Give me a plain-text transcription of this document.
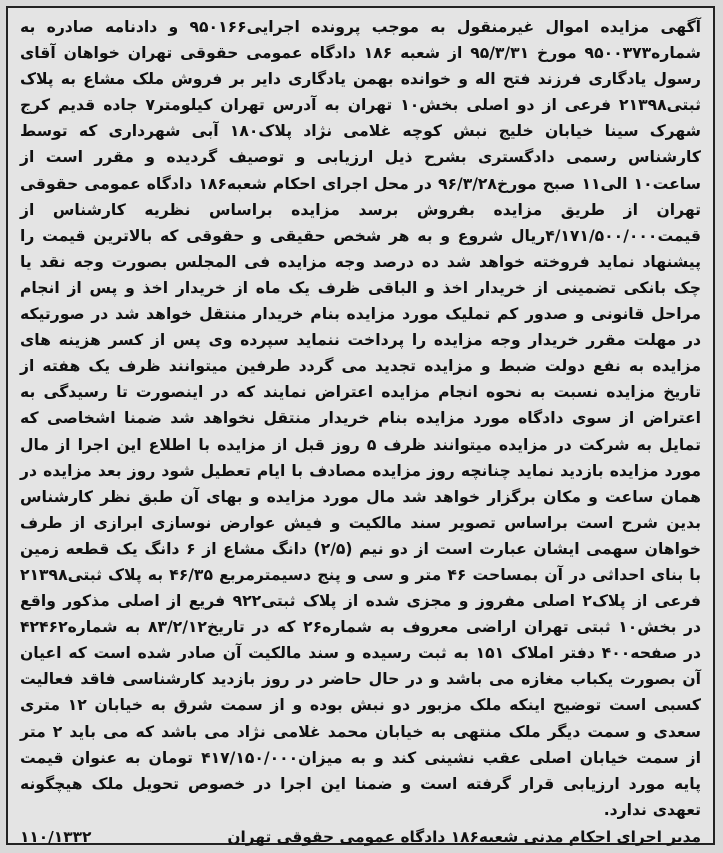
آگهی مزایده اموال غیرمنقول به موجب پرونده اجرایی۹۵۰۱۶۶ و دادنامه صادره به شماره۹۵۰۰۳۷۳ مورخ ۹۵/۳/۳۱ از شعبه ۱۸۶ دادگاه عمومی حقوقی تهران خواهان آقای رسول یادگاری فرزند فتح اله و خوانده بهمن یادگاری دایر بر فروش ملک مشاع به پلاک ثبتی۲۱۳۹۸ فرعی از دو اصلی بخش۱۰ تهران به آدرس تهران کیلومتر۷ جاده قدیم کرج شهرک سینا خیابان خلیج نبش کوچه غلامی نژاد پلاک۱۸۰ آبی شهرداری که توسط کارشناس رسمی دادگستری بشرح ذیل ارزیابی و توصیف گردیده و مقرر است از ساعت۱۰ الی۱۱ صبح مورخ۹۶/۳/۲۸ در محل اجرای احکام شعبه۱۸۶ دادگاه عمومی حقوقی تهران از طریق مزایده بفروش برسد مزایده براساس نظریه کارشناس از قیمت۴/۱۷۱/۵۰۰/۰۰۰ریال شروع و به هر شخص حقیقی و حقوقی که بالاترین قیمت را پیشنهاد نماید فروخته خواهد شد ده درصد وجه مزایده فی المجلس بصورت وجه نقد یا چک بانکی تضمینی از خریدار اخذ و الباقی ظرف یک ماه از خریدار اخذ و پس از انجام مراحل قانونی و صدور کم تملیک مورد مزایده بنام خریدار منتقل خواهد شد در صورتیکه در مهلت مقرر خریدار وجه مزایده را پرداخت ننماید سپرده وی پس از کسر هزینه های مزایده به نفع دولت ضبط و مزایده تجدید می گردد طرفین میتوانند ظرف یک هفته از تاریخ مزایده نسبت به نحوه انجام مزایده اعتراض نمایند که در اینصورت تا رسیدگی به اعتراض از سوی دادگاه مورد مزایده بنام خریدار منتقل نخواهد شد ضمنا اشخاصی که تمایل به شرکت در مزایده میتوانند ظرف ۵ روز قبل از مزایده با اطلاع این اجرا از مال مورد مزایده بازدید نماید چنانچه روز مزایده مصادف با ایام تعطیل شود روز بعد مزایده در همان ساعت و مکان برگزار خواهد شد مال مورد مزایده و بهای آن طبق نظر کارشناس بدین شرح است براساس تصویر سند مالکیت و فیش عوارض نوسازی ابرازی از طرف خواهان سهمی ایشان عبارت است از دو نیم (۲/۵) دانگ مشاع از ۶ دانگ یک قطعه زمین با بنای احداثی در آن بمساحت ۴۶ متر و سی و پنج دسیمترمربع ۴۶/۳۵ به پلاک ثبتی۲۱۳۹۸ فرعی از پلاک۲ اصلی مفروز و مجزی شده از پلاک ثبتی۹۲۲ فریع از اصلی مذکور واقع در بخش۱۰ ثبتی تهران اراضی معروف به شماره۲۶ که در تاریخ۸۳/۲/۱۲ به شماره۴۲۴۶۲ در صفحه۴۰۰ دفتر املاک ۱۵۱ به ثبت رسیده و سند مالکیت آن صادر شده است که اعیان آن بصورت یکباب مغازه می باشد و در حال حاضر در روز بازدید کارشناسی فاقد فعالیت کسبی است توضیح اینکه ملک مزبور دو نبش بوده و از سمت شرق به خیابان ۱۲ متری سعدی و سمت دیگر ملک منتهی به خیابان محمد غلامی نژاد می باشد که می باید ۲ متر از سمت خیابان اصلی عقب نشینی کند و به میزان۴۱۷/۱۵۰/۰۰۰ تومان به عنوان قیمت پایه مورد ارزیابی قرار گرفته است و ضمنا این اجرا در خصوص تحویل ملک هیچگونه تعهدی ندارد.

مدیر اجرای احکام مدنی شعبه۱۸۶ دادگاه عمومی حقوقی تهران
۱۱۰/۱۳۳۲
